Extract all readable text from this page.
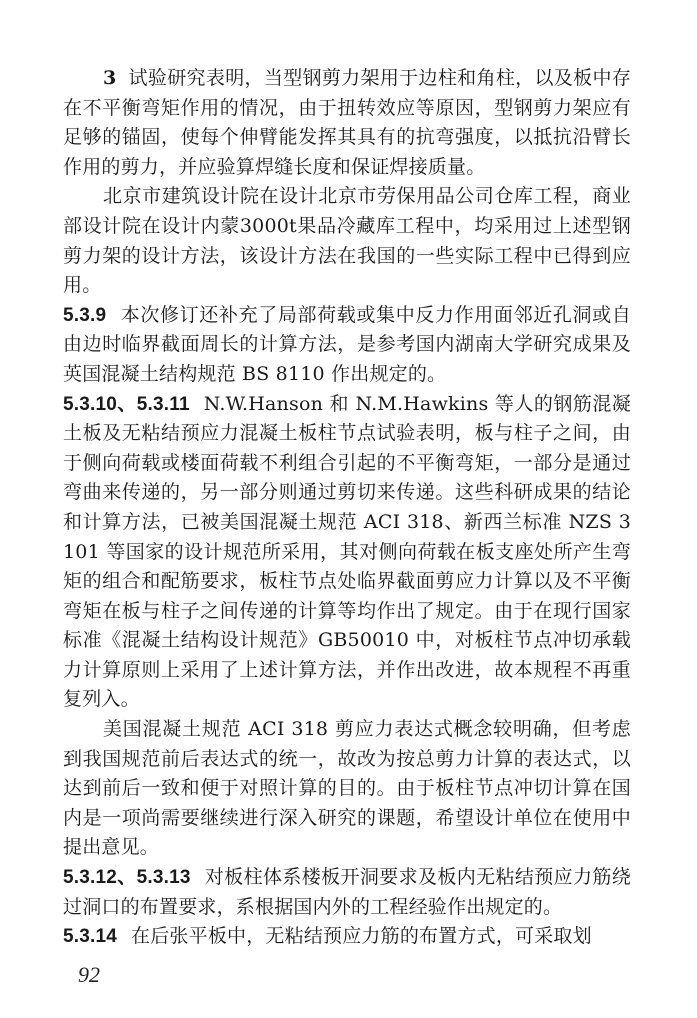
3 试验研究表明，当型钢剪力架用于边柱和角柱，以及板中存在不平衡弯矩作用的情况，由于扭转效应等原因，型钢剪力架应有足够的锚固，使每个伸臂能发挥其具有的抗弯强度，以抵抗沿臂长作用的剪力，并应验算焊缝长度和保证焊接质量。

北京市建筑设计院在设计北京市劳保用品公司仓库工程，商业部设计院在设计内蒙3000t果品冷藏库工程中，均采用过上述型钢剪力架的设计方法，该设计方法在我国的一些实际工程中已得到应用。

5.3.9 本次修订还补充了局部荷载或集中反力作用面邻近孔洞或自由边时临界截面周长的计算方法，是参考国内湖南大学研究成果及英国混凝土结构规范 BS 8110 作出规定的。

5.3.10、5.3.11 N.W.Hanson 和 N.M.Hawkins 等人的钢筋混凝土板及无粘结预应力混凝土板柱节点试验表明，板与柱子之间，由于侧向荷载或楼面荷载不利组合引起的不平衡弯矩，一部分是通过弯曲来传递的，另一部分则通过剪切来传递。这些科研成果的结论和计算方法，已被美国混凝土规范 ACI 318、新西兰标准 NZS 3101 等国家的设计规范所采用，其对侧向荷载在板支座处所产生弯矩的组合和配筋要求，板柱节点处临界截面剪应力计算以及不平衡弯矩在板与柱子之间传递的计算等均作出了规定。由于在现行国家标准《混凝土结构设计规范》GB50010 中，对板柱节点冲切承载力计算原则上采用了上述计算方法，并作出改进，故本规程不再重复列入。

美国混凝土规范 ACI 318 剪应力表达式概念较明确，但考虑到我国规范前后表达式的统一，故改为按总剪力计算的表达式，以达到前后一致和便于对照计算的目的。由于板柱节点冲切计算在国内是一项尚需要继续进行深入研究的课题，希望设计单位在使用中提出意见。

5.3.12、5.3.13 对板柱体系楼板开洞要求及板内无粘结预应力筋绕过洞口的布置要求，系根据国内外的工程经验作出规定的。

5.3.14 在后张平板中，无粘结预应力筋的布置方式，可采取划

92
